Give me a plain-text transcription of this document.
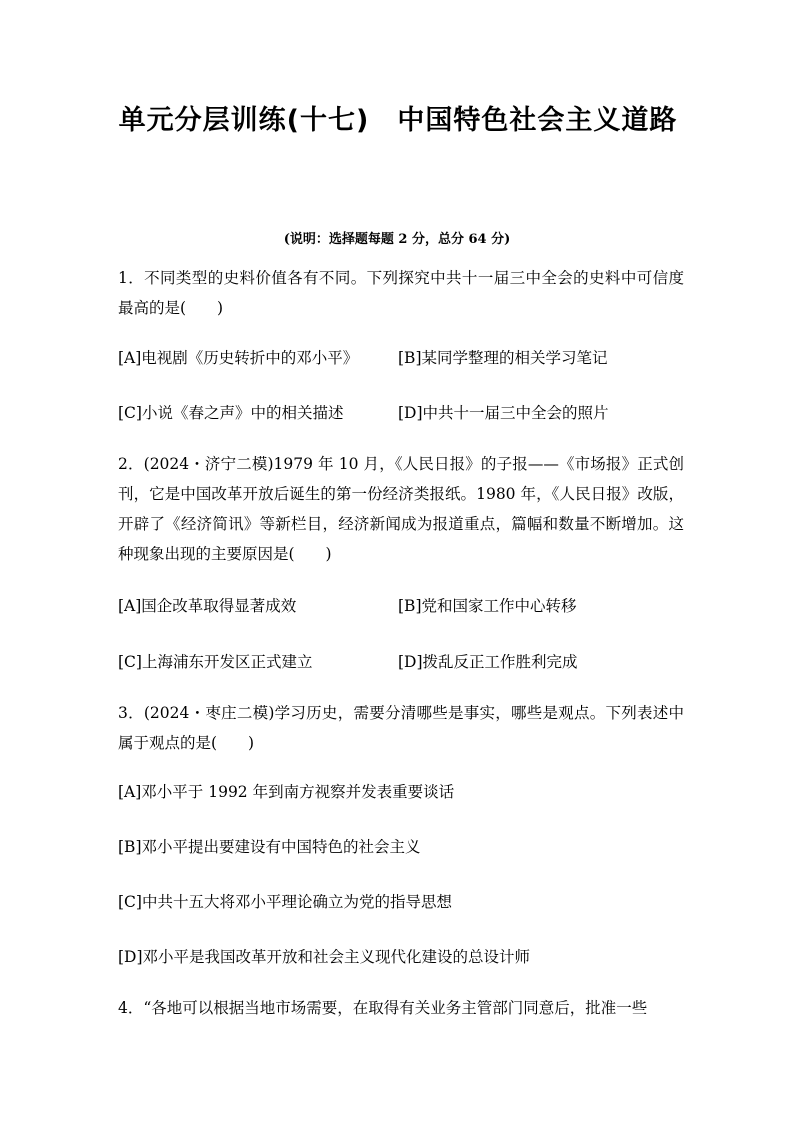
单元分层训练(十七)　中国特色社会主义道路
(说明：选择题每题 2 分，总分 64 分)
1．不同类型的史料价值各有不同。下列探究中共十一届三中全会的史料中可信度最高的是(　　)
[A]电视剧《历史转折中的邓小平》	[B]某同学整理的相关学习笔记
[C]小说《春之声》中的相关描述	[D]中共十一届三中全会的照片
2．(2024・济宁二模)1979 年 10 月，《人民日报》的子报——《市场报》正式创刊，它是中国改革开放后诞生的第一份经济类报纸。1980 年，《人民日报》改版，开辟了《经济简讯》等新栏目，经济新闻成为报道重点，篇幅和数量不断增加。这种现象出现的主要原因是(　　)
[A]国企改革取得显著成效	[B]党和国家工作中心转移
[C]上海浦东开发区正式建立	[D]拨乱反正工作胜利完成
3．(2024・枣庄二模)学习历史，需要分清哪些是事实，哪些是观点。下列表述中属于观点的是(　　)
[A]邓小平于 1992 年到南方视察并发表重要谈话
[B]邓小平提出要建设有中国特色的社会主义
[C]中共十五大将邓小平理论确立为党的指导思想
[D]邓小平是我国改革开放和社会主义现代化建设的总设计师
4．“各地可以根据当地市场需要，在取得有关业务主管部门同意后，批准一些
